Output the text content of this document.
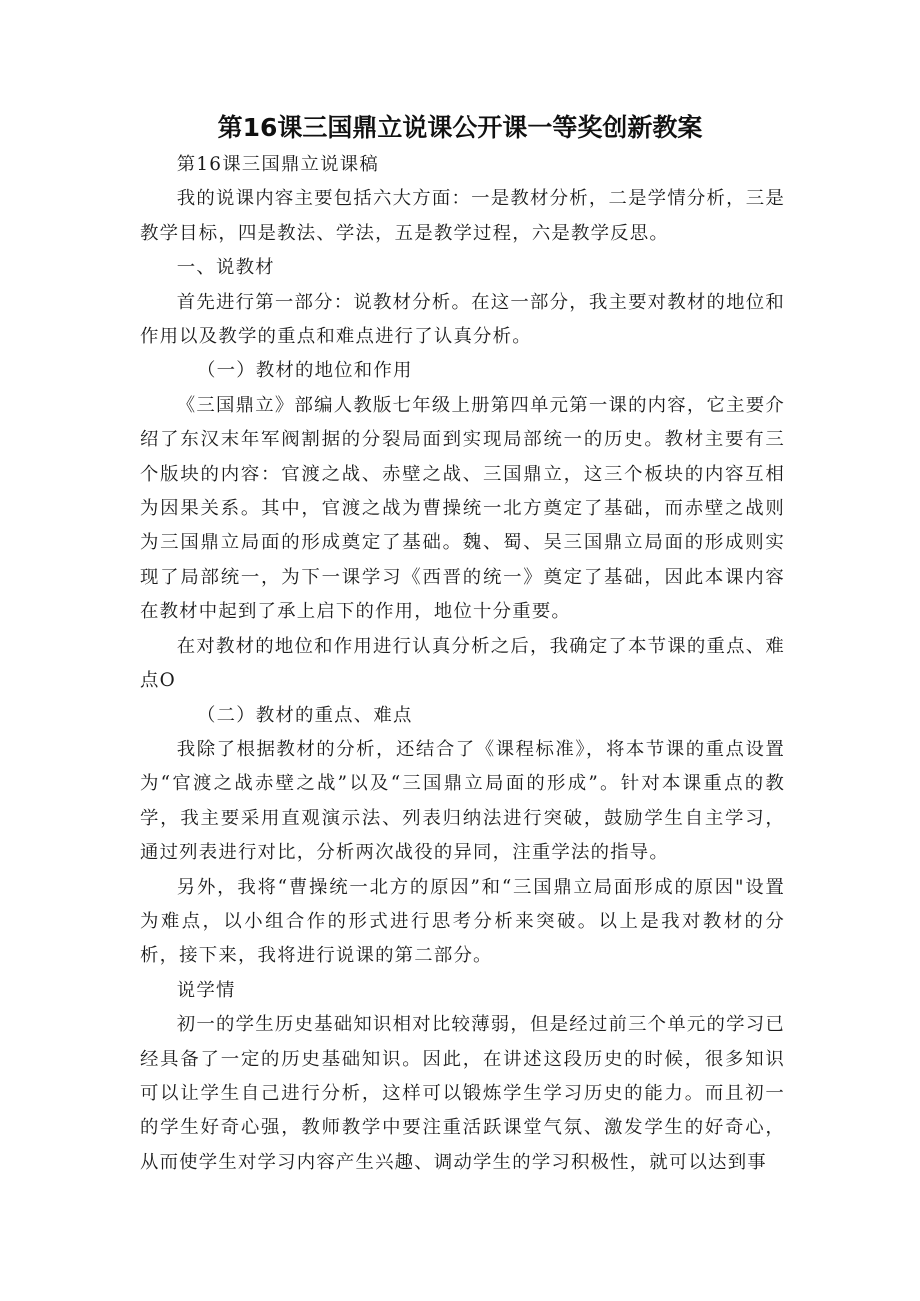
第16课三国鼎立说课公开课一等奖创新教案

第16课三国鼎立说课稿

我的说课内容主要包括六大方面：一是教材分析，二是学情分析，三是教学目标，四是教法、学法，五是教学过程，六是教学反思。

一、说教材

首先进行第一部分：说教材分析。在这一部分，我主要对教材的地位和作用以及教学的重点和难点进行了认真分析。

（一）教材的地位和作用

《三国鼎立》部编人教版七年级上册第四单元第一课的内容，它主要介绍了东汉末年军阀割据的分裂局面到实现局部统一的历史。教材主要有三个版块的内容：官渡之战、赤壁之战、三国鼎立，这三个板块的内容互相为因果关系。其中，官渡之战为曹操统一北方奠定了基础，而赤壁之战则为三国鼎立局面的形成奠定了基础。魏、蜀、吴三国鼎立局面的形成则实现了局部统一，为下一课学习《西晋的统一》奠定了基础，因此本课内容在教材中起到了承上启下的作用，地位十分重要。

在对教材的地位和作用进行认真分析之后，我确定了本节课的重点、难点O

（二）教材的重点、难点

我除了根据教材的分析，还结合了《课程标准》，将本节课的重点设置为“官渡之战赤壁之战”以及“三国鼎立局面的形成”。针对本课重点的教学，我主要采用直观演示法、列表归纳法进行突破，鼓励学生自主学习，通过列表进行对比，分析两次战役的异同，注重学法的指导。

另外，我将“曹操统一北方的原因”和“三国鼎立局面形成的原因"设置为难点，以小组合作的形式进行思考分析来突破。以上是我对教材的分析，接下来，我将进行说课的第二部分。

说学情

初一的学生历史基础知识相对比较薄弱，但是经过前三个单元的学习已经具备了一定的历史基础知识。因此，在讲述这段历史的时候，很多知识可以让学生自己进行分析，这样可以锻炼学生学习历史的能力。而且初一的学生好奇心强，教师教学中要注重活跃课堂气氛、激发学生的好奇心，从而使学生对学习内容产生兴趣、调动学生的学习积极性，就可以达到事
